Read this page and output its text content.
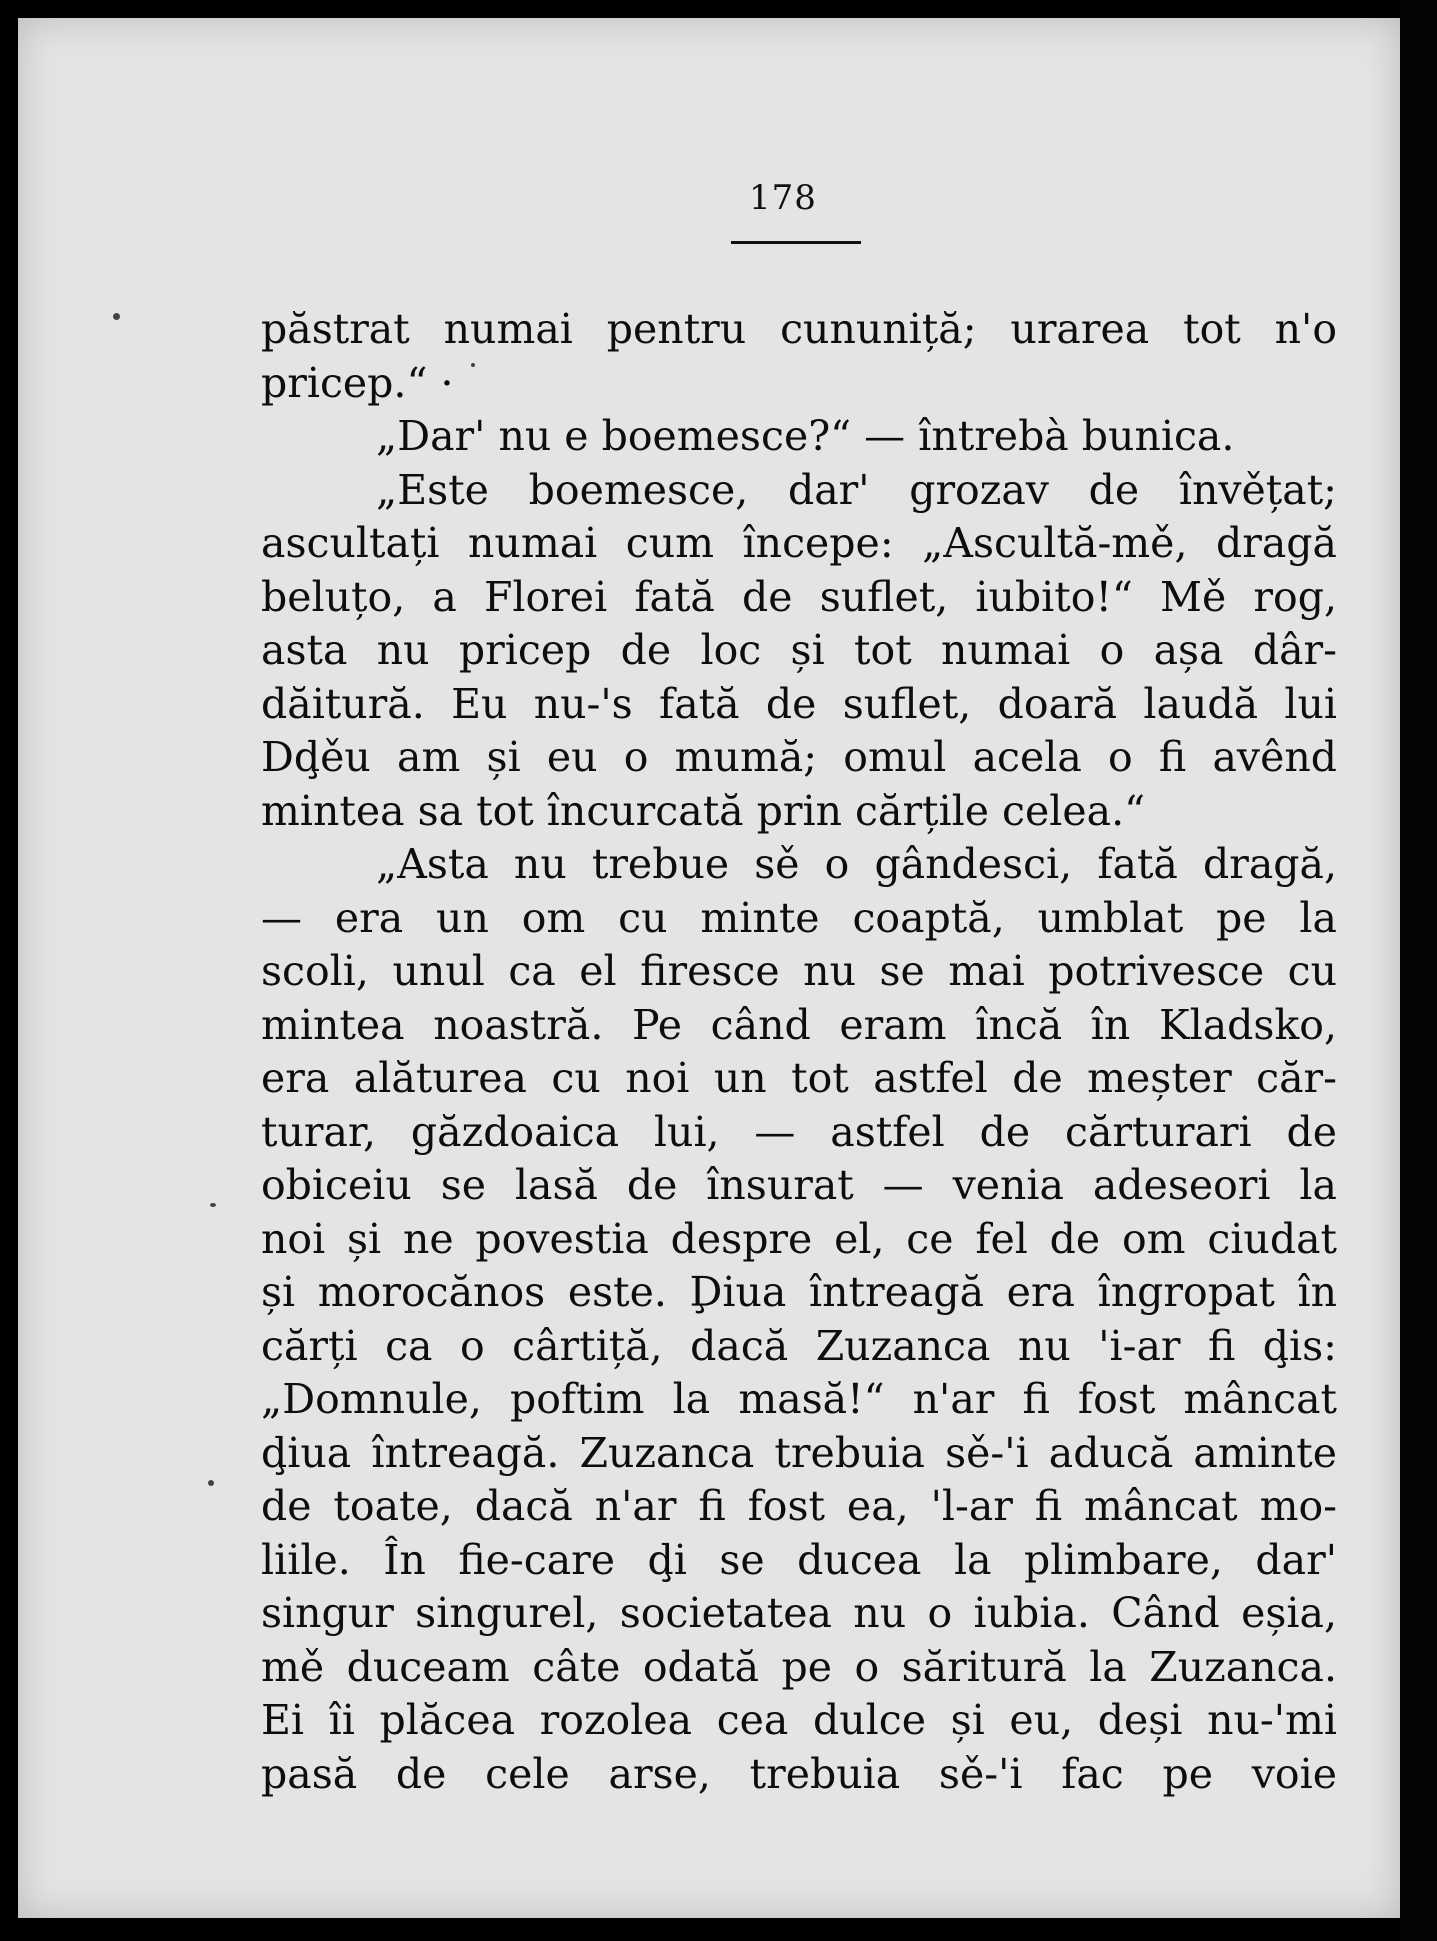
178
păstrat numai pentru cununiță; urarea tot n'o
pricep.“ ·
„Dar' nu e boemesce?“ — întrebà bunica.
„Este boemesce, dar' grozav de învěțat;
ascultați numai cum începe: „Ascultă-mě, dragă
beluțo, a Florei fată de suflet, iubito!“ Mě rog,
asta nu pricep de loc și tot numai o așa dâr-
dăitură. Eu nu-'s fată de suflet, doară laudă lui
Dḑěu am și eu o mumă; omul acela o fi avênd
mintea sa tot încurcată prin cărțile celea.“
„Asta nu trebue sě o gândesci, fată dragă,
— era un om cu minte coaptă, umblat pe la
scoli, unul ca el firesce nu se mai potrivesce cu
mintea noastră. Pe când eram încă în Kladsko,
era alăturea cu noi un tot astfel de meșter căr-
turar, găzdoaica lui, — astfel de cărturari de
obiceiu se lasă de însurat — venia adeseori la
noi și ne povestia despre el, ce fel de om ciudat
și morocănos este. Ḑiua întreagă era îngropat în
cărți ca o cârtiță, dacă Zuzanca nu 'i-ar fi ḑis:
„Domnule, poftim la masă!“ n'ar fi fost mâncat
ḑiua întreagă. Zuzanca trebuia sě-'i aducă aminte
de toate, dacă n'ar fi fost ea, 'l-ar fi mâncat mo-
liile. În fie-care ḑi se ducea la plimbare, dar'
singur singurel, societatea nu o iubia. Când eșia,
mě duceam câte odată pe o săritură la Zuzanca.
Ei îi plăcea rozolea cea dulce și eu, deși nu-'mi
pasă de cele arse, trebuia sě-'i fac pe voie
